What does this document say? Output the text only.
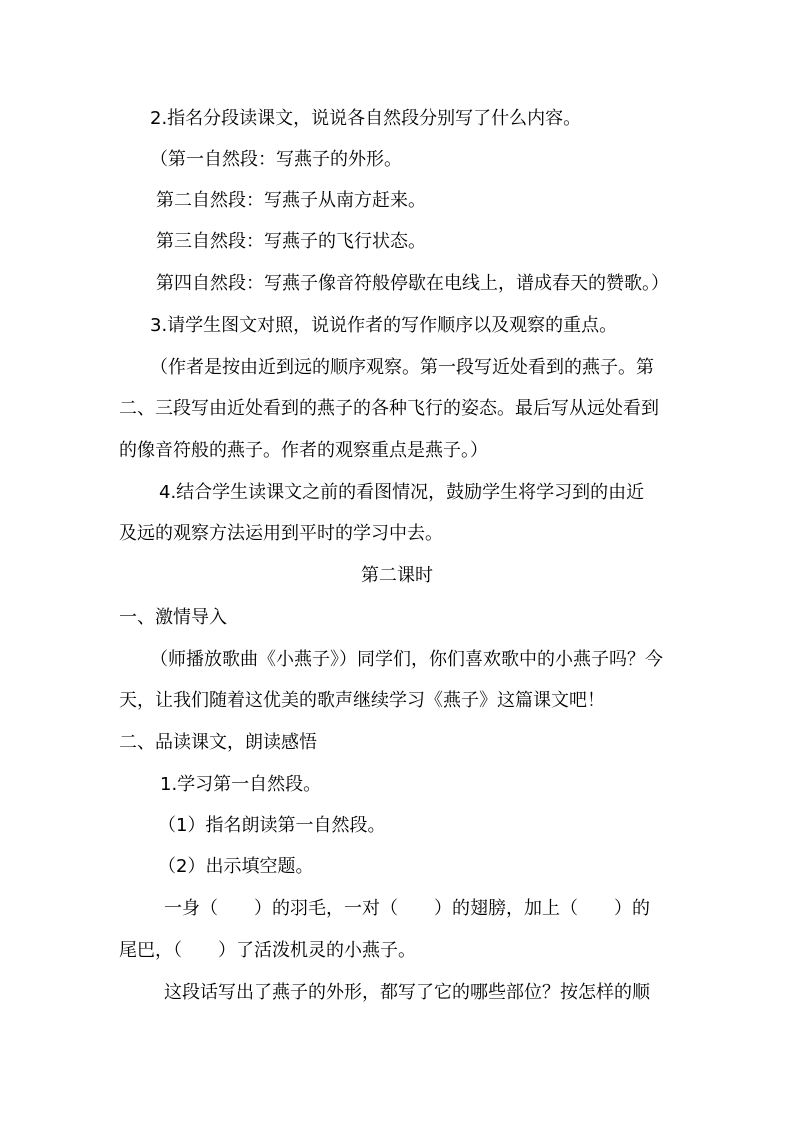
2.指名分段读课文，说说各自然段分别写了什么内容。

（第一自然段：写燕子的外形。

第二自然段：写燕子从南方赶来。

第三自然段：写燕子的飞行状态。

第四自然段：写燕子像音符般停歇在电线上，谱成春天的赞歌。）

3.请学生图文对照，说说作者的写作顺序以及观察的重点。

（作者是按由近到远的顺序观察。第一段写近处看到的燕子。第

二、三段写由近处看到的燕子的各种飞行的姿态。最后写从远处看到

的像音符般的燕子。作者的观察重点是燕子。）

4.结合学生读课文之前的看图情况，鼓励学生将学习到的由近

及远的观察方法运用到平时的学习中去。

第二课时

一、激情导入

（师播放歌曲《小燕子》）同学们，你们喜欢歌中的小燕子吗？今

天，让我们随着这优美的歌声继续学习《燕子》这篇课文吧！

二、品读课文，朗读感悟

1.学习第一自然段。

（1）指名朗读第一自然段。

（2）出示填空题。

一身（　　）的羽毛，一对（　　）的翅膀，加上（　　）的

尾巴，（　　）了活泼机灵的小燕子。

这段话写出了燕子的外形，都写了它的哪些部位？按怎样的顺
